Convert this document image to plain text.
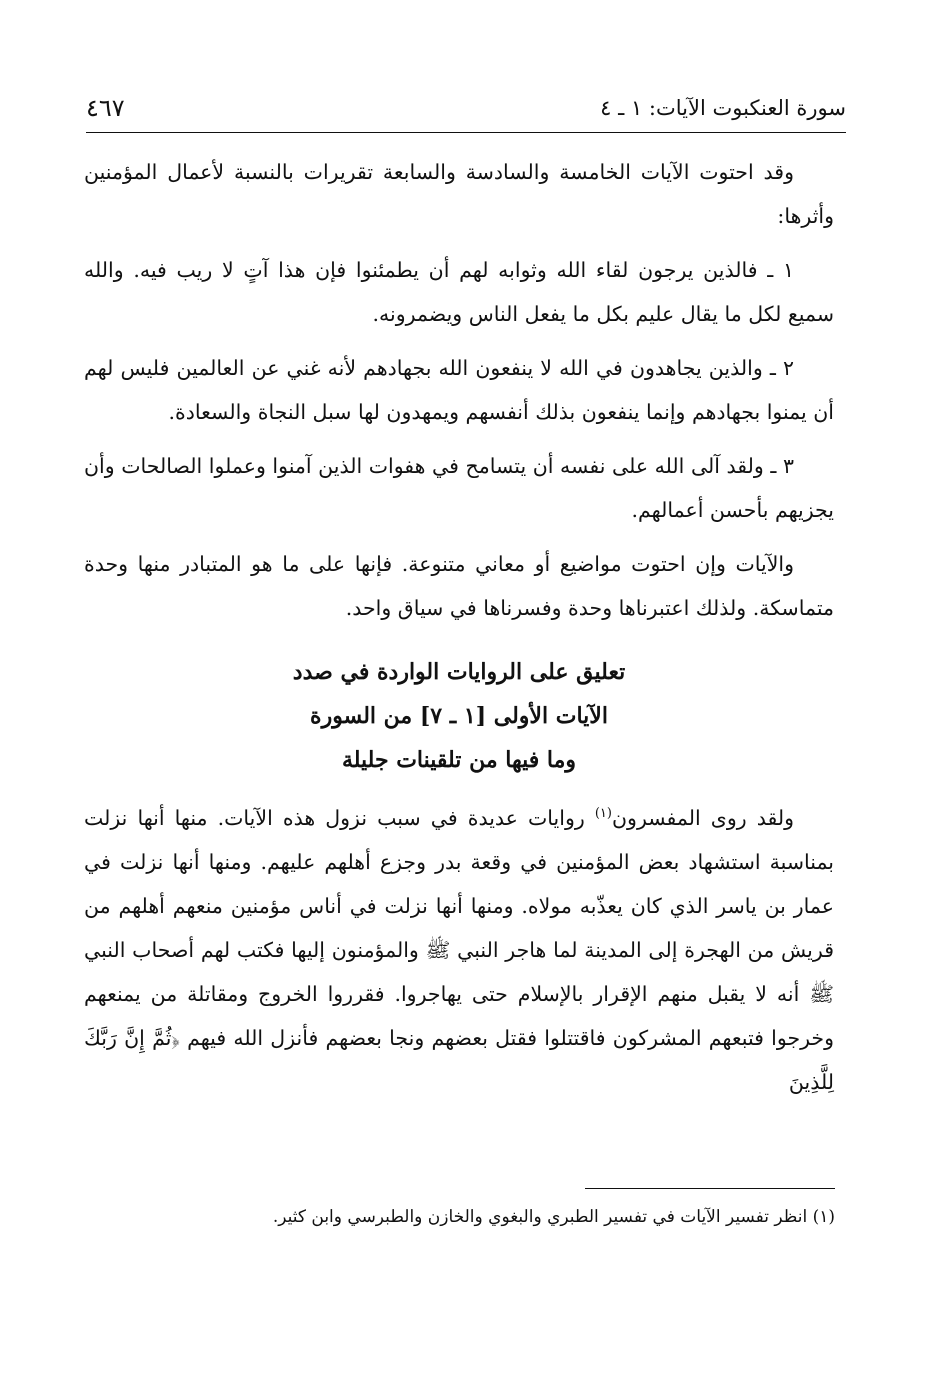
سورة العنكبوت الآيات: ١ ـ ٤
٤٦٧

وقد احتوت الآيات الخامسة والسادسة والسابعة تقريرات بالنسبة لأعمال المؤمنين وأثرها:

١ ـ فالذين يرجون لقاء الله وثوابه لهم أن يطمئنوا فإن هذا آتٍ لا ريب فيه. والله سميع لكل ما يقال عليم بكل ما يفعل الناس ويضمرونه.

٢ ـ والذين يجاهدون في الله لا ينفعون الله بجهادهم لأنه غني عن العالمين فليس لهم أن يمنوا بجهادهم وإنما ينفعون بذلك أنفسهم ويمهدون لها سبل النجاة والسعادة.

٣ ـ ولقد آلى الله على نفسه أن يتسامح في هفوات الذين آمنوا وعملوا الصالحات وأن يجزيهم بأحسن أعمالهم.

والآيات وإن احتوت مواضيع أو معاني متنوعة. فإنها على ما هو المتبادر منها وحدة متماسكة. ولذلك اعتبرناها وحدة وفسرناها في سياق واحد.

تعليق على الروايات الواردة في صدد
الآيات الأولى [١ ـ ٧] من السورة
وما فيها من تلقينات جليلة

ولقد روى المفسرون$^{(١)}$ روايات عديدة في سبب نزول هذه الآيات. منها أنها نزلت بمناسبة استشهاد بعض المؤمنين في وقعة بدر وجزع أهلهم عليهم. ومنها أنها نزلت في عمار بن ياسر الذي كان يعذّبه مولاه. ومنها أنها نزلت في أناس مؤمنين منعهم أهلهم من قريش من الهجرة إلى المدينة لما هاجر النبي ﷺ والمؤمنون إليها فكتب لهم أصحاب النبي ﷺ أنه لا يقبل منهم الإقرار بالإسلام حتى يهاجروا. فقرروا الخروج ومقاتلة من يمنعهم وخرجوا فتبعهم المشركون فاقتتلوا فقتل بعضهم ونجا بعضهم فأنزل الله فيهم ﴿ثُمَّ إِنَّ رَبَّكَ لِلَّذِينَ

(١) انظر تفسير الآيات في تفسير الطبري والبغوي والخازن والطبرسي وابن كثير.
